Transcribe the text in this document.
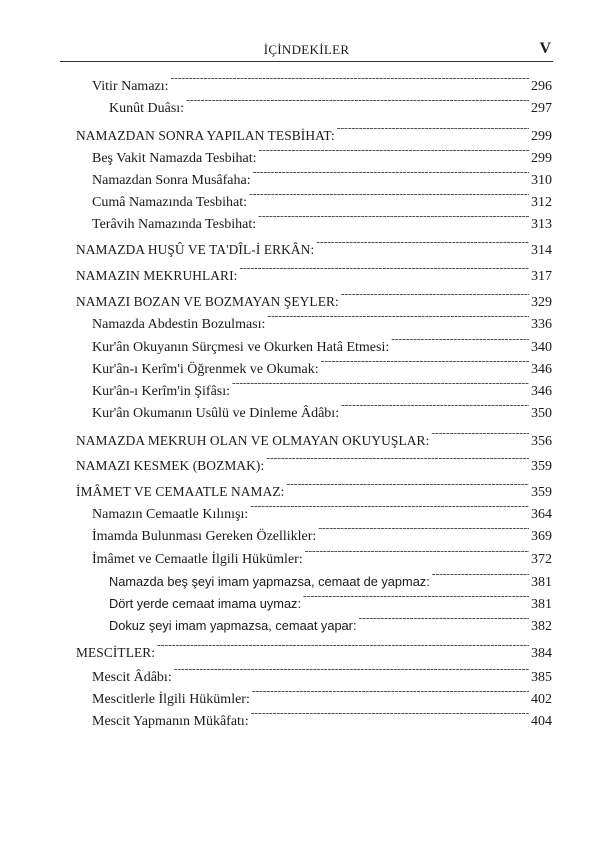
İÇİNDEKİLER	V
Vitir Namazı: -----	296
Kunût Duâsı: -----	297
NAMAZDAN SONRA YAPILAN TESBİHAT: -----	299
Beş Vakit Namazda Tesbihat: -----	299
Namazdan Sonra Musâfaha: -----	310
Cumâ Namazında Tesbihat: -----	312
Terâvih Namazında Tesbihat: -----	313
NAMAZDA HUŞÛ VE TA'DÎL-İ ERKÂN: -----	314
NAMAZIN MEKRUHLARI: -----	317
NAMAZI BOZAN VE BOZMAYAN ŞEYLER: -----	329
Namazda Abdestin Bozulması: -----	336
Kur'ân Okuyanın Sürçmesi ve Okurken Hatâ Etmesi: -----	340
Kur'ân-ı Kerîm'i Öğrenmek ve Okumak: -----	346
Kur'ân-ı Kerîm'in Şifâsı: -----	346
Kur'ân Okumanın Usûlü ve Dinleme Âdâbı: -----	350
NAMAZDA MEKRUH OLAN VE OLMAYAN OKUYUŞLAR: -----	356
NAMAZI KESMEK (BOZMAK): -----	359
İMÂMET VE CEMAATLE NAMAZ: -----	359
Namazın Cemaatle Kılınışı: -----	364
İmamda Bulunması Gereken Özellikler: -----	369
İmâmet ve Cemaatle İlgili Hükümler: -----	372
Namazda beş şeyi imam yapmazsa, cemaat de yapmaz: -----	381
Dört yerde cemaat imama uymaz: -----	381
Dokuz şeyi imam yapmazsa, cemaat yapar: -----	382
MESCİTLER: -----	384
Mescit Âdâbı: -----	385
Mescitlerle İlgili Hükümler: -----	402
Mescit Yapmanın Mükâfatı: -----	404
